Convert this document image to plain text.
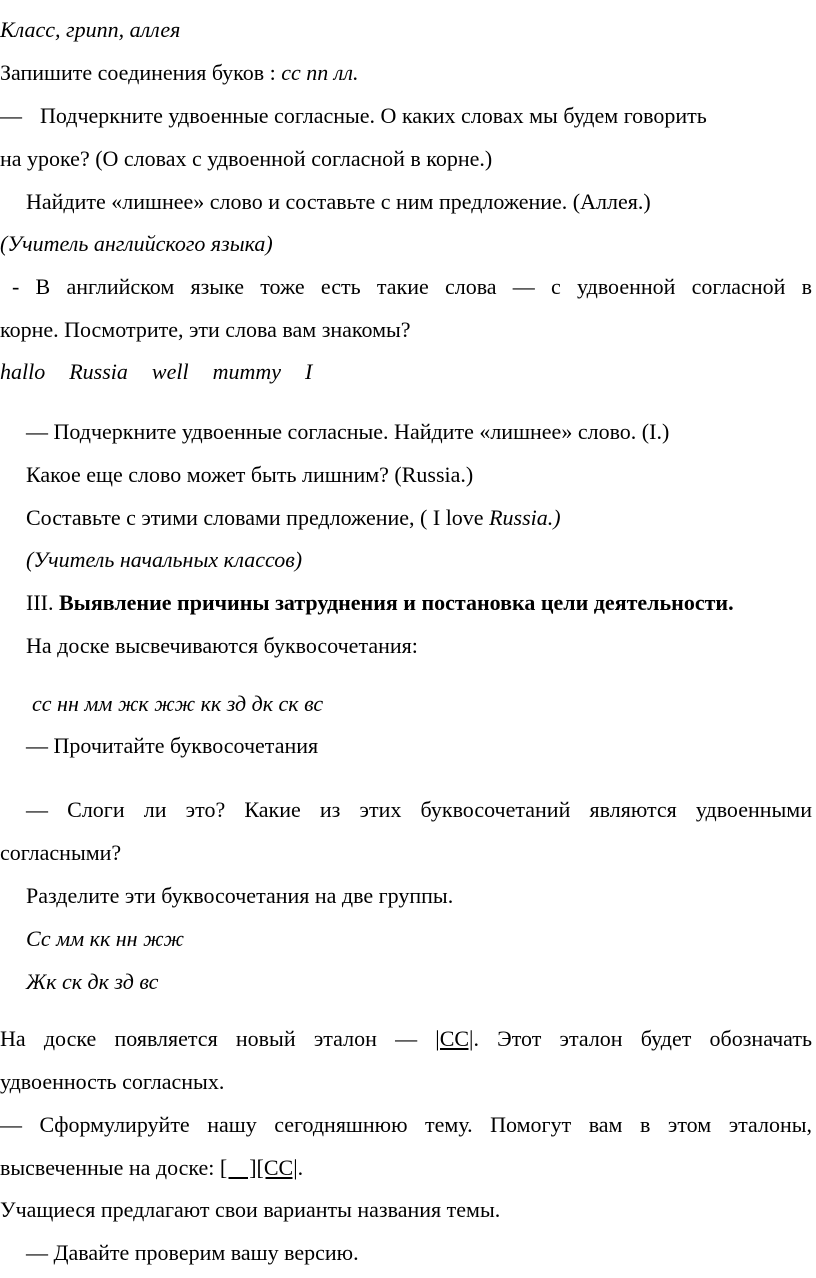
Класс, грипп, аллея
Запишите соединения буков : сс пп лл.
— Подчеркните удвоенные согласные. О каких словах мы будем говорить
на уроке? (О словах с удвоенной согласной в корне.)
Найдите «лишнее» слово и составьте с ним предложение. (Аллея.)
(Учитель английского языка)
- В английском языке тоже есть такие слова — с удвоенной согласной в
корне. Посмотрите, эти слова вам знакомы?
hallo Russia well mummy I
— Подчеркните удвоенные согласные. Найдите «лишнее» слово. (I.)
Какое еще слово может быть лишним? (Russia.)
Составьте с этими словами предложение, ( I love Russia.)
(Учитель начальных классов)
III. Выявление причины затруднения и постановка цели деятельности.
На доске высвечиваются буквосочетания:
сс нн мм жк жж кк зд дк ск вс
— Прочитайте буквосочетания
— Слоги ли это? Какие из этих буквосочетаний являются удвоенными
согласными?
Разделите эти буквосочетания на две группы.
Сс мм кк нн жж
Жк ск дк зд вс
На доске появляется новый эталон — |СС|. Этот эталон будет обозначать
удвоенность согласных.
— Сформулируйте нашу сегодняшнюю тему. Помогут вам в этом эталоны,
высвеченные на доске: [    ][СС|.
Учащиеся предлагают свои варианты названия темы.
— Давайте проверим вашу версию.
